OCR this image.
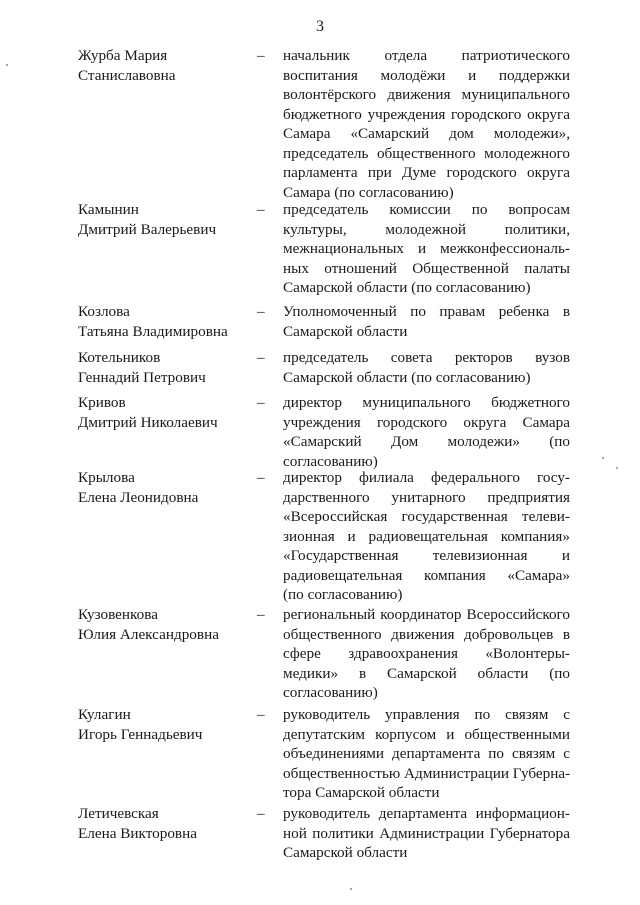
3
Журба Мария
Станиславовна
– начальник отдела патриотического
воспитания молодёжи и поддержки
волонтёрского движения муниципального
бюджетного учреждения городского округа
Самара «Самарский дом молодежи»,
председатель общественного молодежного
парламента при Думе городского округа
Самара (по согласованию)
Камынин
Дмитрий Валерьевич
– председатель комиссии по вопросам
культуры, молодежной политики,
межнациональных и межконфессиональ-
ных отношений Общественной палаты
Самарской области (по согласованию)
Козлова
Татьяна Владимировна
– Уполномоченный по правам ребенка в
Самарской области
Котельников
Геннадий Петрович
– председатель совета ректоров вузов
Самарской области (по согласованию)
Кривов
Дмитрий Николаевич
– директор муниципального бюджетного
учреждения городского округа Самара
«Самарский Дом молодежи» (по
согласованию)
Крылова
Елена Леонидовна
– директор филиала федерального госу-
дарственного унитарного предприятия
«Всероссийская государственная телеви-
зионная и радиовещательная компания»
«Государственная телевизионная и
радиовещательная компания «Самара»
(по согласованию)
Кузовенкова
Юлия Александровна
– региональный координатор Всероссийского
общественного движения добровольцев в
сфере здравоохранения «Волонтеры-
медики» в Самарской области (по
согласованию)
Кулагин
Игорь Геннадьевич
– руководитель управления по связям с
депутатским корпусом и общественными
объединениями департамента по связям с
общественностью Администрации Губерна-
тора Самарской области
Летичевская
Елена Викторовна
– руководитель департамента информацион-
ной политики Администрации Губернатора
Самарской области
